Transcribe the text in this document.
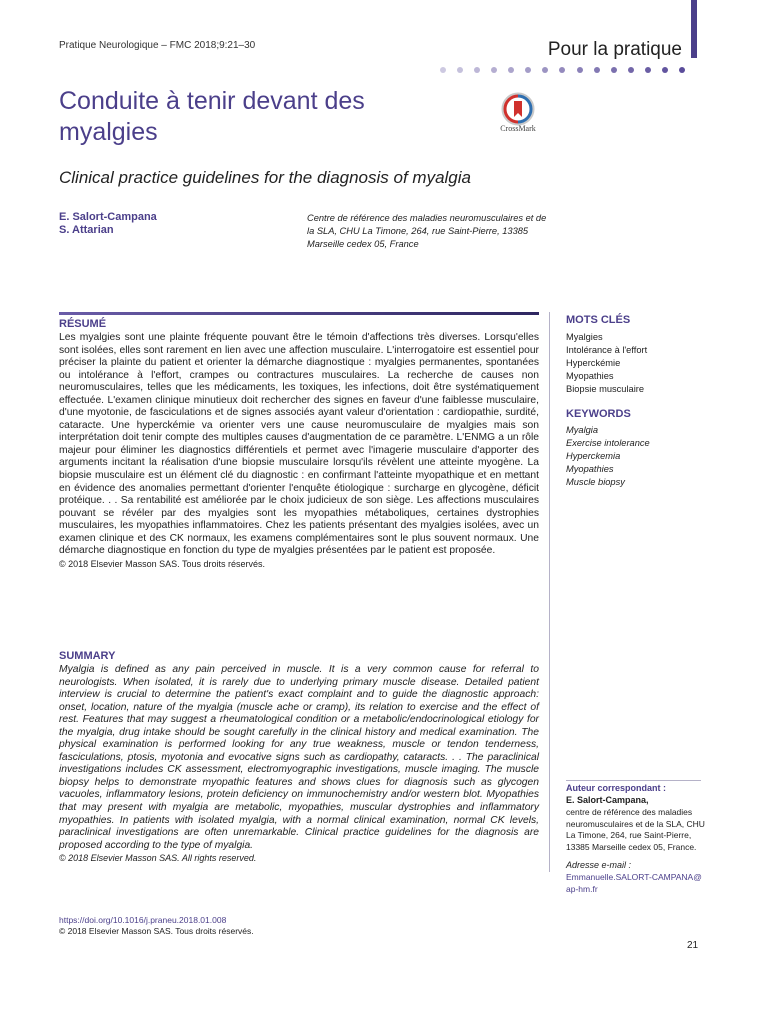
Pratique Neurologique – FMC 2018;9:21–30	Pour la pratique
Conduite à tenir devant des myalgies	CrossMark
Clinical practice guidelines for the diagnosis of myalgia
E. Salort-Campana
S. Attarian
Centre de référence des maladies neuromusculaires et de la SLA, CHU La Timone, 264, rue Saint-Pierre, 13385 Marseille cedex 05, France
RÉSUMÉ
Les myalgies sont une plainte fréquente pouvant être le témoin d'affections très diverses. Lorsqu'elles sont isolées, elles sont rarement en lien avec une affection musculaire. L'interrogatoire est essentiel pour préciser la plainte du patient et orienter la démarche diagnostique : myalgies permanentes, spontanées ou intolérance à l'effort, crampes ou contractures musculaires. La recherche de causes non neuromusculaires, telles que les médicaments, les toxiques, les infections, doit être systématiquement effectuée. L'examen clinique minutieux doit rechercher des signes en faveur d'une faiblesse musculaire, d'une myotonie, de fasciculations et de signes associés ayant valeur d'orientation : cardiopathie, surdité, cataracte. Une hyperckémie va orienter vers une cause neuromusculaire de myalgies mais son interprétation doit tenir compte des multiples causes d'augmentation de ce paramètre. L'ENMG a un rôle majeur pour éliminer les diagnostics différentiels et permet avec l'imagerie musculaire d'apporter des arguments incitant la réalisation d'une biopsie musculaire lorsqu'ils révèlent une atteinte myogène. La biopsie musculaire est un élément clé du diagnostic : en confirmant l'atteinte myopathique et en mettant en évidence des anomalies permettant d'orienter l'enquête étiologique : surcharge en glycogène, déficit protéique. . . Sa rentabilité est améliorée par le choix judicieux de son siège. Les affections musculaires pouvant se révéler par des myalgies sont les myopathies métaboliques, certaines dystrophies musculaires, les myopathies inflammatoires. Chez les patients présentant des myalgies isolées, avec un examen clinique et des CK normaux, les examens complémentaires sont le plus souvent normaux. Une démarche diagnostique en fonction du type de myalgies présentées par le patient est proposée.
© 2018 Elsevier Masson SAS. Tous droits réservés.
SUMMARY
Myalgia is defined as any pain perceived in muscle. It is a very common cause for referral to neurologists. When isolated, it is rarely due to underlying primary muscle disease. Detailed patient interview is crucial to determine the patient's exact complaint and to guide the diagnostic approach: onset, location, nature of the myalgia (muscle ache or cramp), its relation to exercise and the effect of rest. Features that may suggest a rheumatological condition or a metabolic/endocrinological etiology for the myalgia, drug intake should be sought carefully in the clinical history and medical examination. The physical examination is performed looking for any true weakness, muscle or tendon tenderness, fasciculations, ptosis, myotonia and evocative signs such as cardiopathy, cataracts. . . The paraclinical investigations includes CK assessment, electromyographic investigations, muscle imaging. The muscle biopsy helps to demonstrate myopathic features and shows clues for diagnosis such as glycogen vacuoles, inflammatory lesions, protein deficiency on immunochemistry and/or western blot. Myopathies that may present with myalgia are metabolic, myopathies, muscular dystrophies and inflammatory myopathies. In patients with isolated myalgia, with a normal clinical examination, normal CK levels, paraclinical investigations are often unremarkable. Clinical practice guidelines for the diagnosis are proposed according to the type of myalgia.
© 2018 Elsevier Masson SAS. All rights reserved.
MOTS CLÉS
Myalgies
Intolérance à l'effort
Hyperckémie
Myopathies
Biopsie musculaire
KEYWORDS
Myalgia
Exercise intolerance
Hyperckemia
Myopathies
Muscle biopsy
Auteur correspondant :
E. Salort-Campana,
centre de référence des maladies neuromusculaires et de la SLA, CHU La Timone, 264, rue Saint-Pierre, 13385 Marseille cedex 05, France.
Adresse e-mail :
Emmanuelle.SALORT-CAMPANA@ap-hm.fr
https://doi.org/10.1016/j.praneu.2018.01.008
© 2018 Elsevier Masson SAS. Tous droits réservés.
21
